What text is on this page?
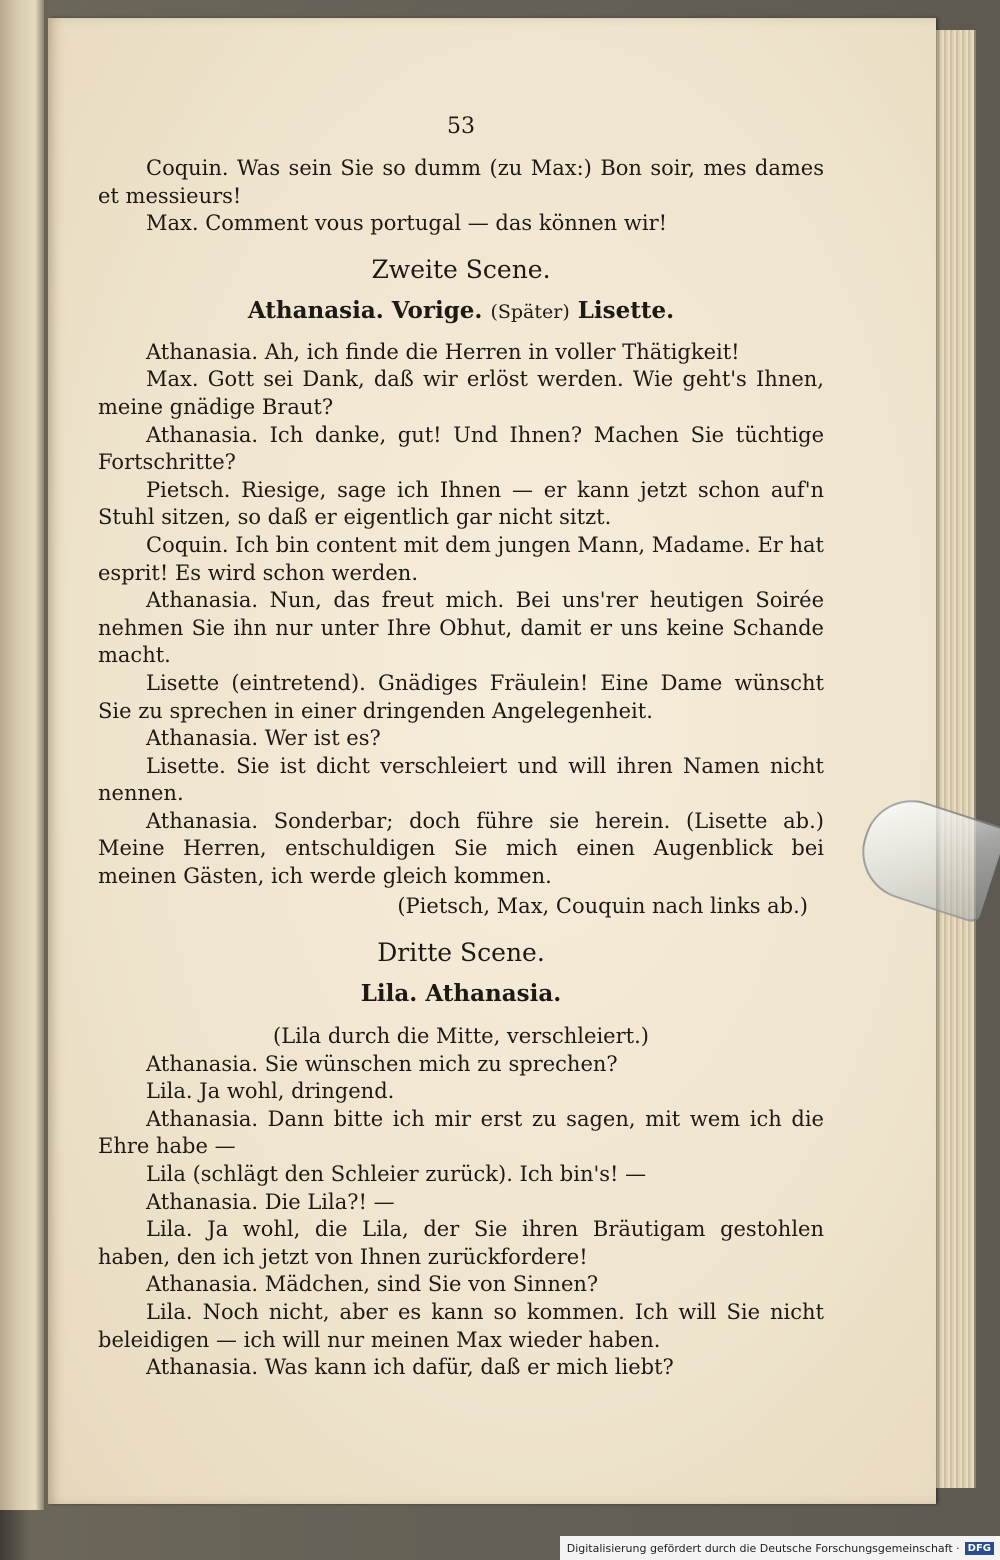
53

Coquin. Was sein Sie so dumm (zu Max:) Bon soir, mes dames et messieurs!

Max. Comment vous portugal — das können wir!

Zweite Scene.
Athanasia. Vorige. (Später) Lisette.

Athanasia. Ah, ich finde die Herren in voller Thätigkeit!

Max. Gott sei Dank, daß wir erlöst werden. Wie geht's Ihnen, meine gnädige Braut?

Athanasia. Ich danke, gut! Und Ihnen? Machen Sie tüchtige Fortschritte?

Pietsch. Riesige, sage ich Ihnen — er kann jetzt schon auf'n Stuhl sitzen, so daß er eigentlich gar nicht sitzt.

Coquin. Ich bin content mit dem jungen Mann, Madame. Er hat esprit! Es wird schon werden.

Athanasia. Nun, das freut mich. Bei uns'rer heutigen Soirée nehmen Sie ihn nur unter Ihre Obhut, damit er uns keine Schande macht.

Lisette (eintretend). Gnädiges Fräulein! Eine Dame wünscht Sie zu sprechen in einer dringenden Angelegenheit.

Athanasia. Wer ist es?

Lisette. Sie ist dicht verschleiert und will ihren Namen nicht nennen.

Athanasia. Sonderbar; doch führe sie herein. (Lisette ab.) Meine Herren, entschuldigen Sie mich einen Augenblick bei meinen Gästen, ich werde gleich kommen.

(Pietsch, Max, Couquin nach links ab.)

Dritte Scene.
Lila. Athanasia.

(Lila durch die Mitte, verschleiert.)

Athanasia. Sie wünschen mich zu sprechen?

Lila. Ja wohl, dringend.

Athanasia. Dann bitte ich mir erst zu sagen, mit wem ich die Ehre habe —

Lila (schlägt den Schleier zurück). Ich bin's! —

Athanasia. Die Lila?! —

Lila. Ja wohl, die Lila, der Sie ihren Bräutigam gestohlen haben, den ich jetzt von Ihnen zurückfordere!

Athanasia. Mädchen, sind Sie von Sinnen?

Lila. Noch nicht, aber es kann so kommen. Ich will Sie nicht beleidigen — ich will nur meinen Max wieder haben.

Athanasia. Was kann ich dafür, daß er mich liebt?

Digitalisierung gefördert durch die Deutsche Forschungsgemeinschaft · DFG
